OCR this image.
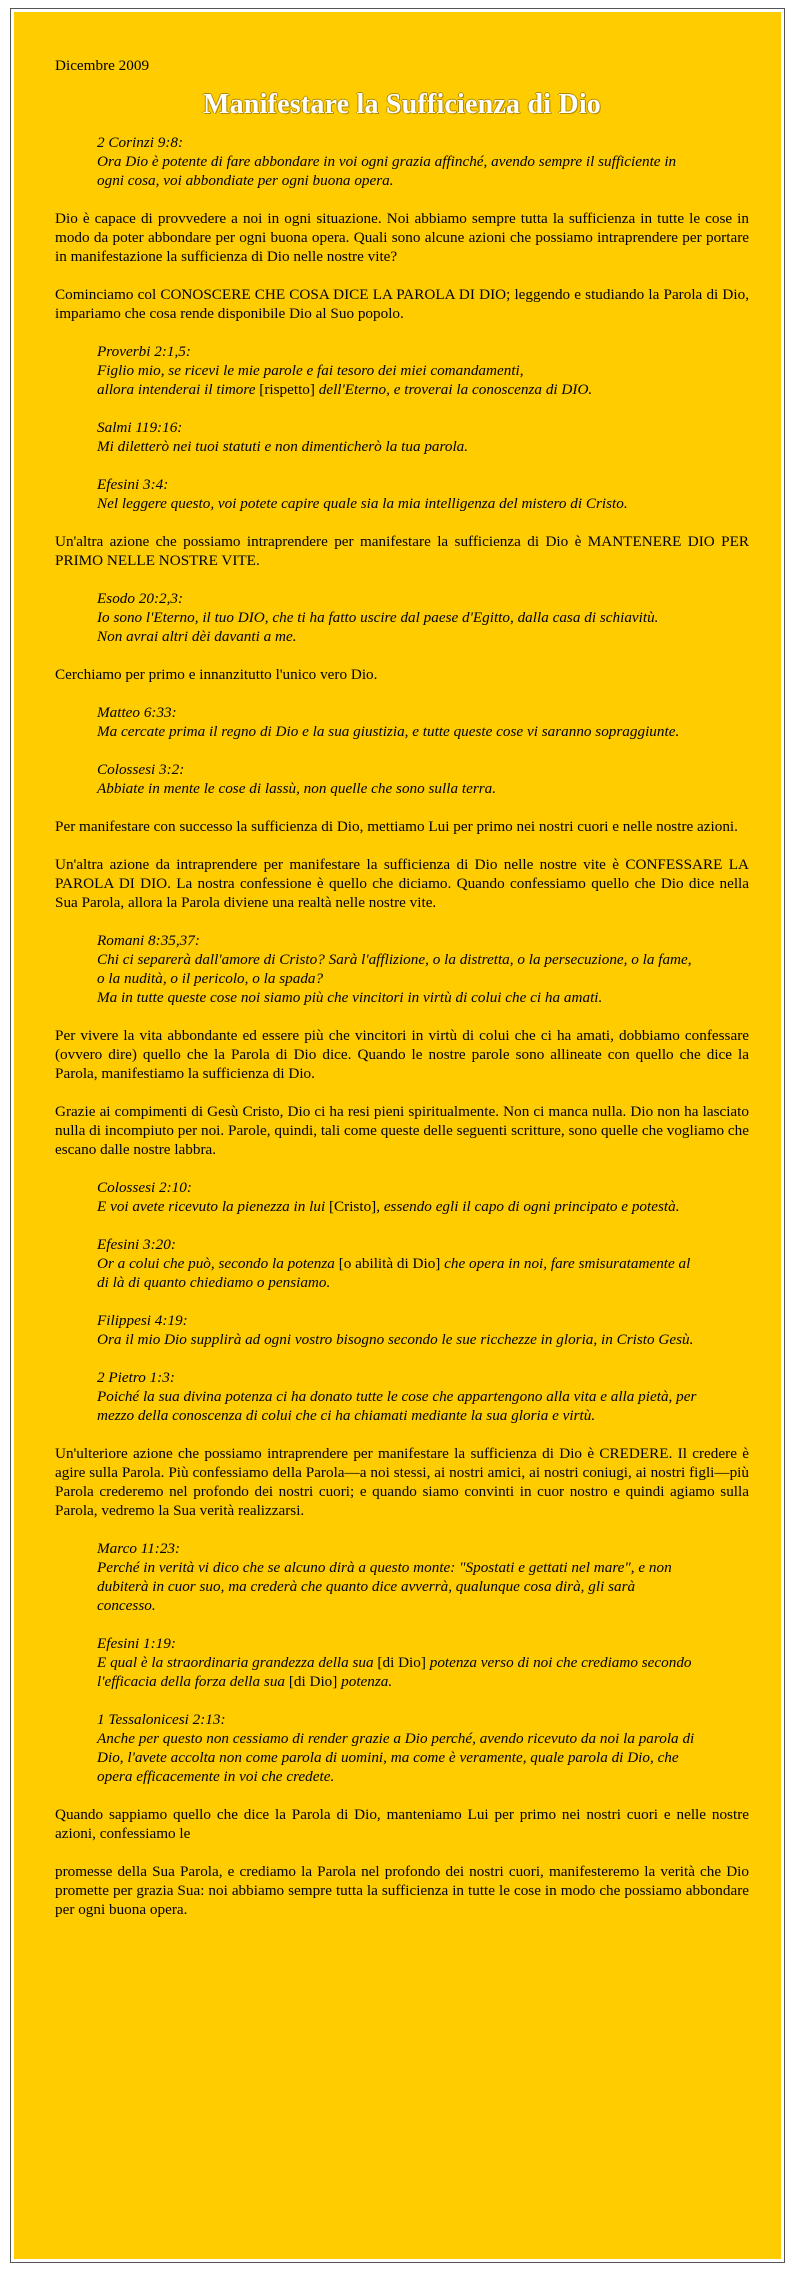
Dicembre 2009
Manifestare la Sufficienza di Dio
2 Corinzi 9:8:
Ora Dio è potente di fare abbondare in voi ogni grazia affinché, avendo sempre il sufficiente in ogni cosa, voi abbondiate per ogni buona opera.
Dio è capace di provvedere a noi in ogni situazione. Noi abbiamo sempre tutta la sufficienza in tutte le cose in modo da poter abbondare per ogni buona opera. Quali sono alcune azioni che possiamo intraprendere per portare in manifestazione la sufficienza di Dio nelle nostre vite?
Cominciamo col CONOSCERE CHE COSA DICE LA PAROLA DI DIO; leggendo e studiando la Parola di Dio, impariamo che cosa rende disponibile Dio al Suo popolo.
Proverbi 2:1,5:
Figlio mio, se ricevi le mie parole e fai tesoro dei miei comandamenti,
allora intenderai il timore [rispetto] dell'Eterno, e troverai la conoscenza di DIO.
Salmi 119:16:
Mi diletterò nei tuoi statuti e non dimenticherò la tua parola.
Efesini 3:4:
Nel leggere questo, voi potete capire quale sia la mia intelligenza del mistero di Cristo.
Un'altra azione che possiamo intraprendere per manifestare la sufficienza di Dio è MANTENERE DIO PER PRIMO NELLE NOSTRE VITE.
Esodo 20:2,3:
Io sono l'Eterno, il tuo DIO, che ti ha fatto uscire dal paese d'Egitto, dalla casa di schiavitù.
Non avrai altri dèi davanti a me.
Cerchiamo per primo e innanzitutto l'unico vero Dio.
Matteo 6:33:
Ma cercate prima il regno di Dio e la sua giustizia, e tutte queste cose vi saranno sopraggiunte.
Colossesi 3:2:
Abbiate in mente le cose di lassù, non quelle che sono sulla terra.
Per manifestare con successo la sufficienza di Dio, mettiamo Lui per primo nei nostri cuori e nelle nostre azioni.
Un'altra azione da intraprendere per manifestare la sufficienza di Dio nelle nostre vite è CONFESSARE LA PAROLA DI DIO. La nostra confessione è quello che diciamo. Quando confessiamo quello che Dio dice nella Sua Parola, allora la Parola diviene una realtà nelle nostre vite.
Romani 8:35,37:
Chi ci separerà dall'amore di Cristo? Sarà l'afflizione, o la distretta, o la persecuzione, o la fame, o la nudità, o il pericolo, o la spada?
Ma in tutte queste cose noi siamo più che vincitori in virtù di colui che ci ha amati.
Per vivere la vita abbondante ed essere più che vincitori in virtù di colui che ci ha amati, dobbiamo confessare (ovvero dire) quello che la Parola di Dio dice. Quando le nostre parole sono allineate con quello che dice la Parola, manifestiamo la sufficienza di Dio.
Grazie ai compimenti di Gesù Cristo, Dio ci ha resi pieni spiritualmente. Non ci manca nulla. Dio non ha lasciato nulla di incompiuto per noi. Parole, quindi, tali come queste delle seguenti scritture, sono quelle che vogliamo che escano dalle nostre labbra.
Colossesi 2:10:
E voi avete ricevuto la pienezza in lui [Cristo], essendo egli il capo di ogni principato e potestà.
Efesini 3:20:
Or a colui che può, secondo la potenza [o abilità di Dio] che opera in noi, fare smisuratamente al di là di quanto chiediamo o pensiamo.
Filippesi 4:19:
Ora il mio Dio supplirà ad ogni vostro bisogno secondo le sue ricchezze in gloria, in Cristo Gesù.
2 Pietro 1:3:
Poiché la sua divina potenza ci ha donato tutte le cose che appartengono alla vita e alla pietà, per mezzo della conoscenza di colui che ci ha chiamati mediante la sua gloria e virtù.
Un'ulteriore azione che possiamo intraprendere per manifestare la sufficienza di Dio è CREDERE. Il credere è agire sulla Parola. Più confessiamo della Parola—a noi stessi, ai nostri amici, ai nostri coniugi, ai nostri figli—più Parola crederemo nel profondo dei nostri cuori; e quando siamo convinti in cuor nostro e quindi agiamo sulla Parola, vedremo la Sua verità realizzarsi.
Marco 11:23:
Perché in verità vi dico che se alcuno dirà a questo monte: "Spostati e gettati nel mare", e non dubiterà in cuor suo, ma crederà che quanto dice avverrà, qualunque cosa dirà, gli sarà concesso.
Efesini 1:19:
E qual è la straordinaria grandezza della sua [di Dio] potenza verso di noi che crediamo secondo l'efficacia della forza della sua [di Dio] potenza.
1 Tessalonicesi 2:13:
Anche per questo non cessiamo di render grazie a Dio perché, avendo ricevuto da noi la parola di Dio, l'avete accolta non come parola di uomini, ma come è veramente, quale parola di Dio, che opera efficacemente in voi che credete.
Quando sappiamo quello che dice la Parola di Dio, manteniamo Lui per primo nei nostri cuori e nelle nostre azioni, confessiamo le
promesse della Sua Parola, e crediamo la Parola nel profondo dei nostri cuori, manifesteremo la verità che Dio promette per grazia Sua: noi abbiamo sempre tutta la sufficienza in tutte le cose in modo che possiamo abbondare per ogni buona opera.
